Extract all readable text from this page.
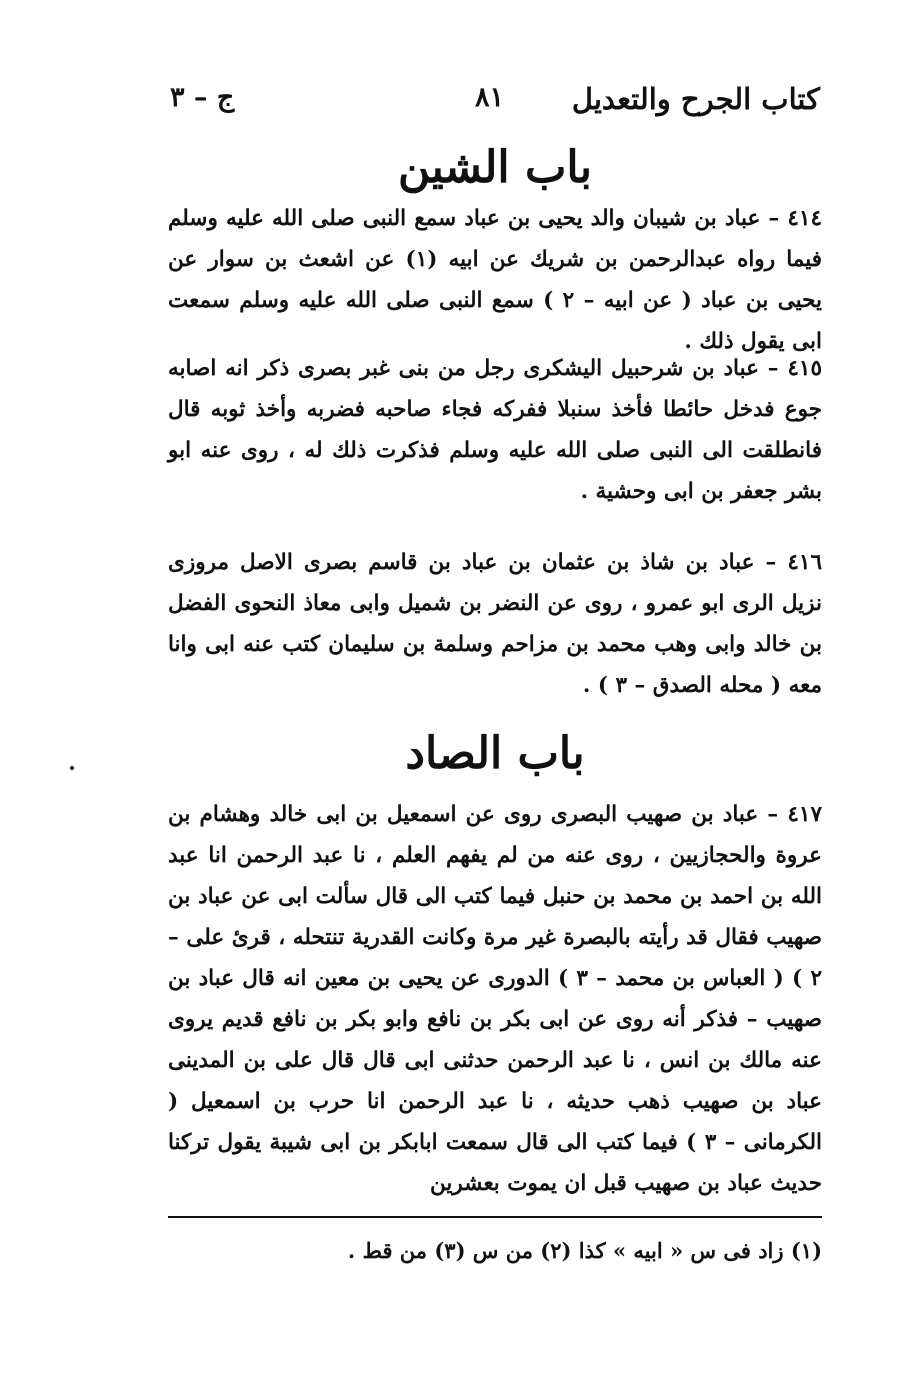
كتاب الجرح والتعديل
٨١
ج – ٣
باب الشين

٤١٤ – عباد بن شيبان والد يحيى بن عباد سمع النبى صلى الله عليه وسلم فيما رواه عبدالرحمن بن شريك عن ابيه (١) عن اشعث بن سوار عن يحيى بن عباد ( عن ابيه – ٢ ) سمع النبى صلى الله عليه وسلم سمعت ابى يقول ذلك .

٤١٥ – عباد بن شرحبيل اليشكرى رجل من بنى غبر بصرى ذكر انه اصابه جوع فدخل حائطا فأخذ سنبلا ففركه فجاء صاحبه فضربه وأخذ ثوبه قال فانطلقت الى النبى صلى الله عليه وسلم فذكرت ذلك له ، روى عنه ابو بشر جعفر بن ابى وحشية .

٤١٦ – عباد بن شاذ بن عثمان بن عباد بن قاسم بصرى الاصل مروزى نزيل الرى ابو عمرو ، روى عن النضر بن شميل وابى معاذ النحوى الفضل بن خالد وابى وهب محمد بن مزاحم وسلمة بن سليمان كتب عنه ابى وانا معه ( محله الصدق – ٣ ) .

باب الصاد

٤١٧ – عباد بن صهيب البصرى روى عن اسمعيل بن ابى خالد وهشام بن عروة والحجازيين ، روى عنه من لم يفهم العلم ، نا عبد الرحمن انا عبد الله بن احمد بن محمد بن حنبل فيما كتب الى قال سألت ابى عن عباد بن صهيب فقال قد رأيته بالبصرة غير مرة وكانت القدرية تنتحله ، قرئ على – ٢ ) ( العباس بن محمد – ٣ ) الدورى عن يحيى بن معين انه قال عباد بن صهيب – فذكر أنه روى عن ابى بكر بن نافع وابو بكر بن نافع قديم يروى عنه مالك بن انس ، نا عبد الرحمن حدثنى ابى قال قال على بن المدينى عباد بن صهيب ذهب حديثه ، نا عبد الرحمن انا حرب بن اسمعيل ( الكرمانى – ٣ ) فيما كتب الى قال سمعت ابابكر بن ابى شيبة يقول تركنا حديث عباد بن صهيب قبل ان يموت بعشرين

(١) زاد فى س « ابيه » كذا (٢) من س (٣) من قط .
